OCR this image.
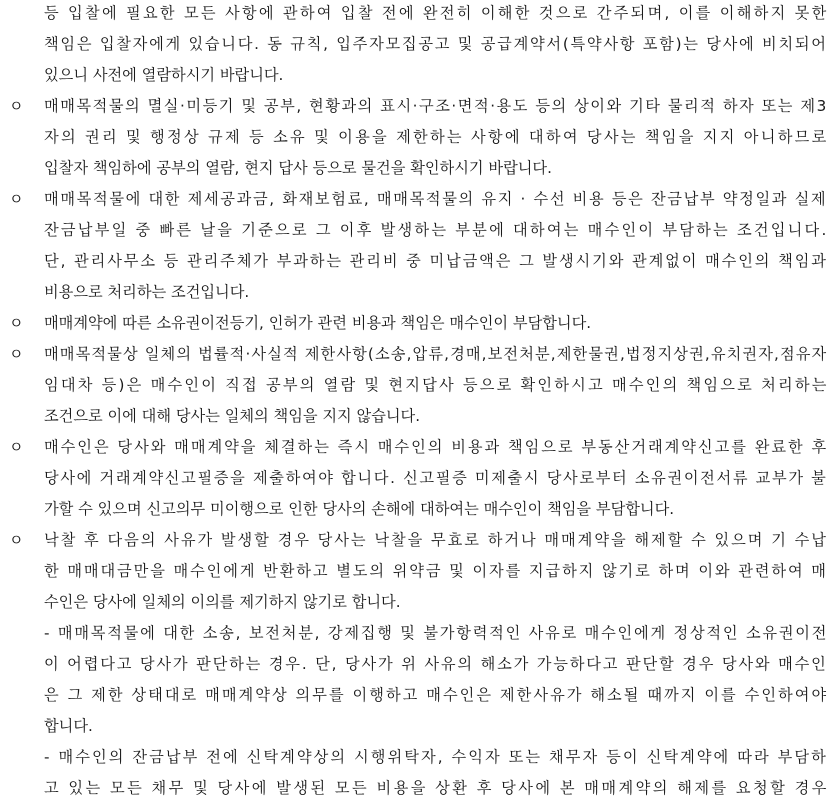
등 입찰에 필요한 모든 사항에 관하여 입찰 전에 완전히 이해한 것으로 간주되며, 이를 이해하지 못한
책임은 입찰자에게 있습니다. 동 규칙, 입주자모집공고 및 공급계약서(특약사항 포함)는 당사에 비치되어
있으니 사전에 열람하시기 바랍니다.
ㅇ 매매목적물의 멸실·미등기 및 공부, 현황과의 표시·구조·면적·용도 등의 상이와 기타 물리적 하자 또는 제3
자의 권리 및 행정상 규제 등 소유 및 이용을 제한하는 사항에 대하여 당사는 책임을 지지 아니하므로
입찰자 책임하에 공부의 열람, 현지 답사 등으로 물건을 확인하시기 바랍니다.
ㅇ 매매목적물에 대한 제세공과금, 화재보험료, 매매목적물의 유지 · 수선 비용 등은 잔금납부 약정일과 실제
잔금납부일 중 빠른 날을 기준으로 그 이후 발생하는 부분에 대하여는 매수인이 부담하는 조건입니다.
단, 관리사무소 등 관리주체가 부과하는 관리비 중 미납금액은 그 발생시기와 관계없이 매수인의 책임과
비용으로 처리하는 조건입니다.
ㅇ 매매계약에 따른 소유권이전등기, 인허가 관련 비용과 책임은 매수인이 부담합니다.
ㅇ 매매목적물상 일체의 법률적·사실적 제한사항(소송,압류,경매,보전처분,제한물권,법정지상권,유치권자,점유자
임대차 등)은 매수인이 직접 공부의 열람 및 현지답사 등으로 확인하시고 매수인의 책임으로 처리하는
조건으로 이에 대해 당사는 일체의 책임을 지지 않습니다.
ㅇ 매수인은 당사와 매매계약을 체결하는 즉시 매수인의 비용과 책임으로 부동산거래계약신고를 완료한 후
당사에 거래계약신고필증을 제출하여야 합니다. 신고필증 미제출시 당사로부터 소유권이전서류 교부가 불
가할 수 있으며 신고의무 미이행으로 인한 당사의 손해에 대하여는 매수인이 책임을 부담합니다.
ㅇ 낙찰 후 다음의 사유가 발생할 경우 당사는 낙찰을 무효로 하거나 매매계약을 해제할 수 있으며 기 수납
한 매매대금만을 매수인에게 반환하고 별도의 위약금 및 이자를 지급하지 않기로 하며 이와 관련하여 매
수인은 당사에 일체의 이의를 제기하지 않기로 합니다.
- 매매목적물에 대한 소송, 보전처분, 강제집행 및 불가항력적인 사유로 매수인에게 정상적인 소유권이전
이 어렵다고 당사가 판단하는 경우. 단, 당사가 위 사유의 해소가 가능하다고 판단할 경우 당사와 매수인
은 그 제한 상태대로 매매계약상 의무를 이행하고 매수인은 제한사유가 해소될 때까지 이를 수인하여야
합니다.
- 매수인의 잔금납부 전에 신탁계약상의 시행위탁자, 수익자 또는 채무자 등이 신탁계약에 따라 부담하
고 있는 모든 채무 및 당사에 발생된 모든 비용을 상환 후 당사에 본 매매계약의 해제를 요청할 경우
